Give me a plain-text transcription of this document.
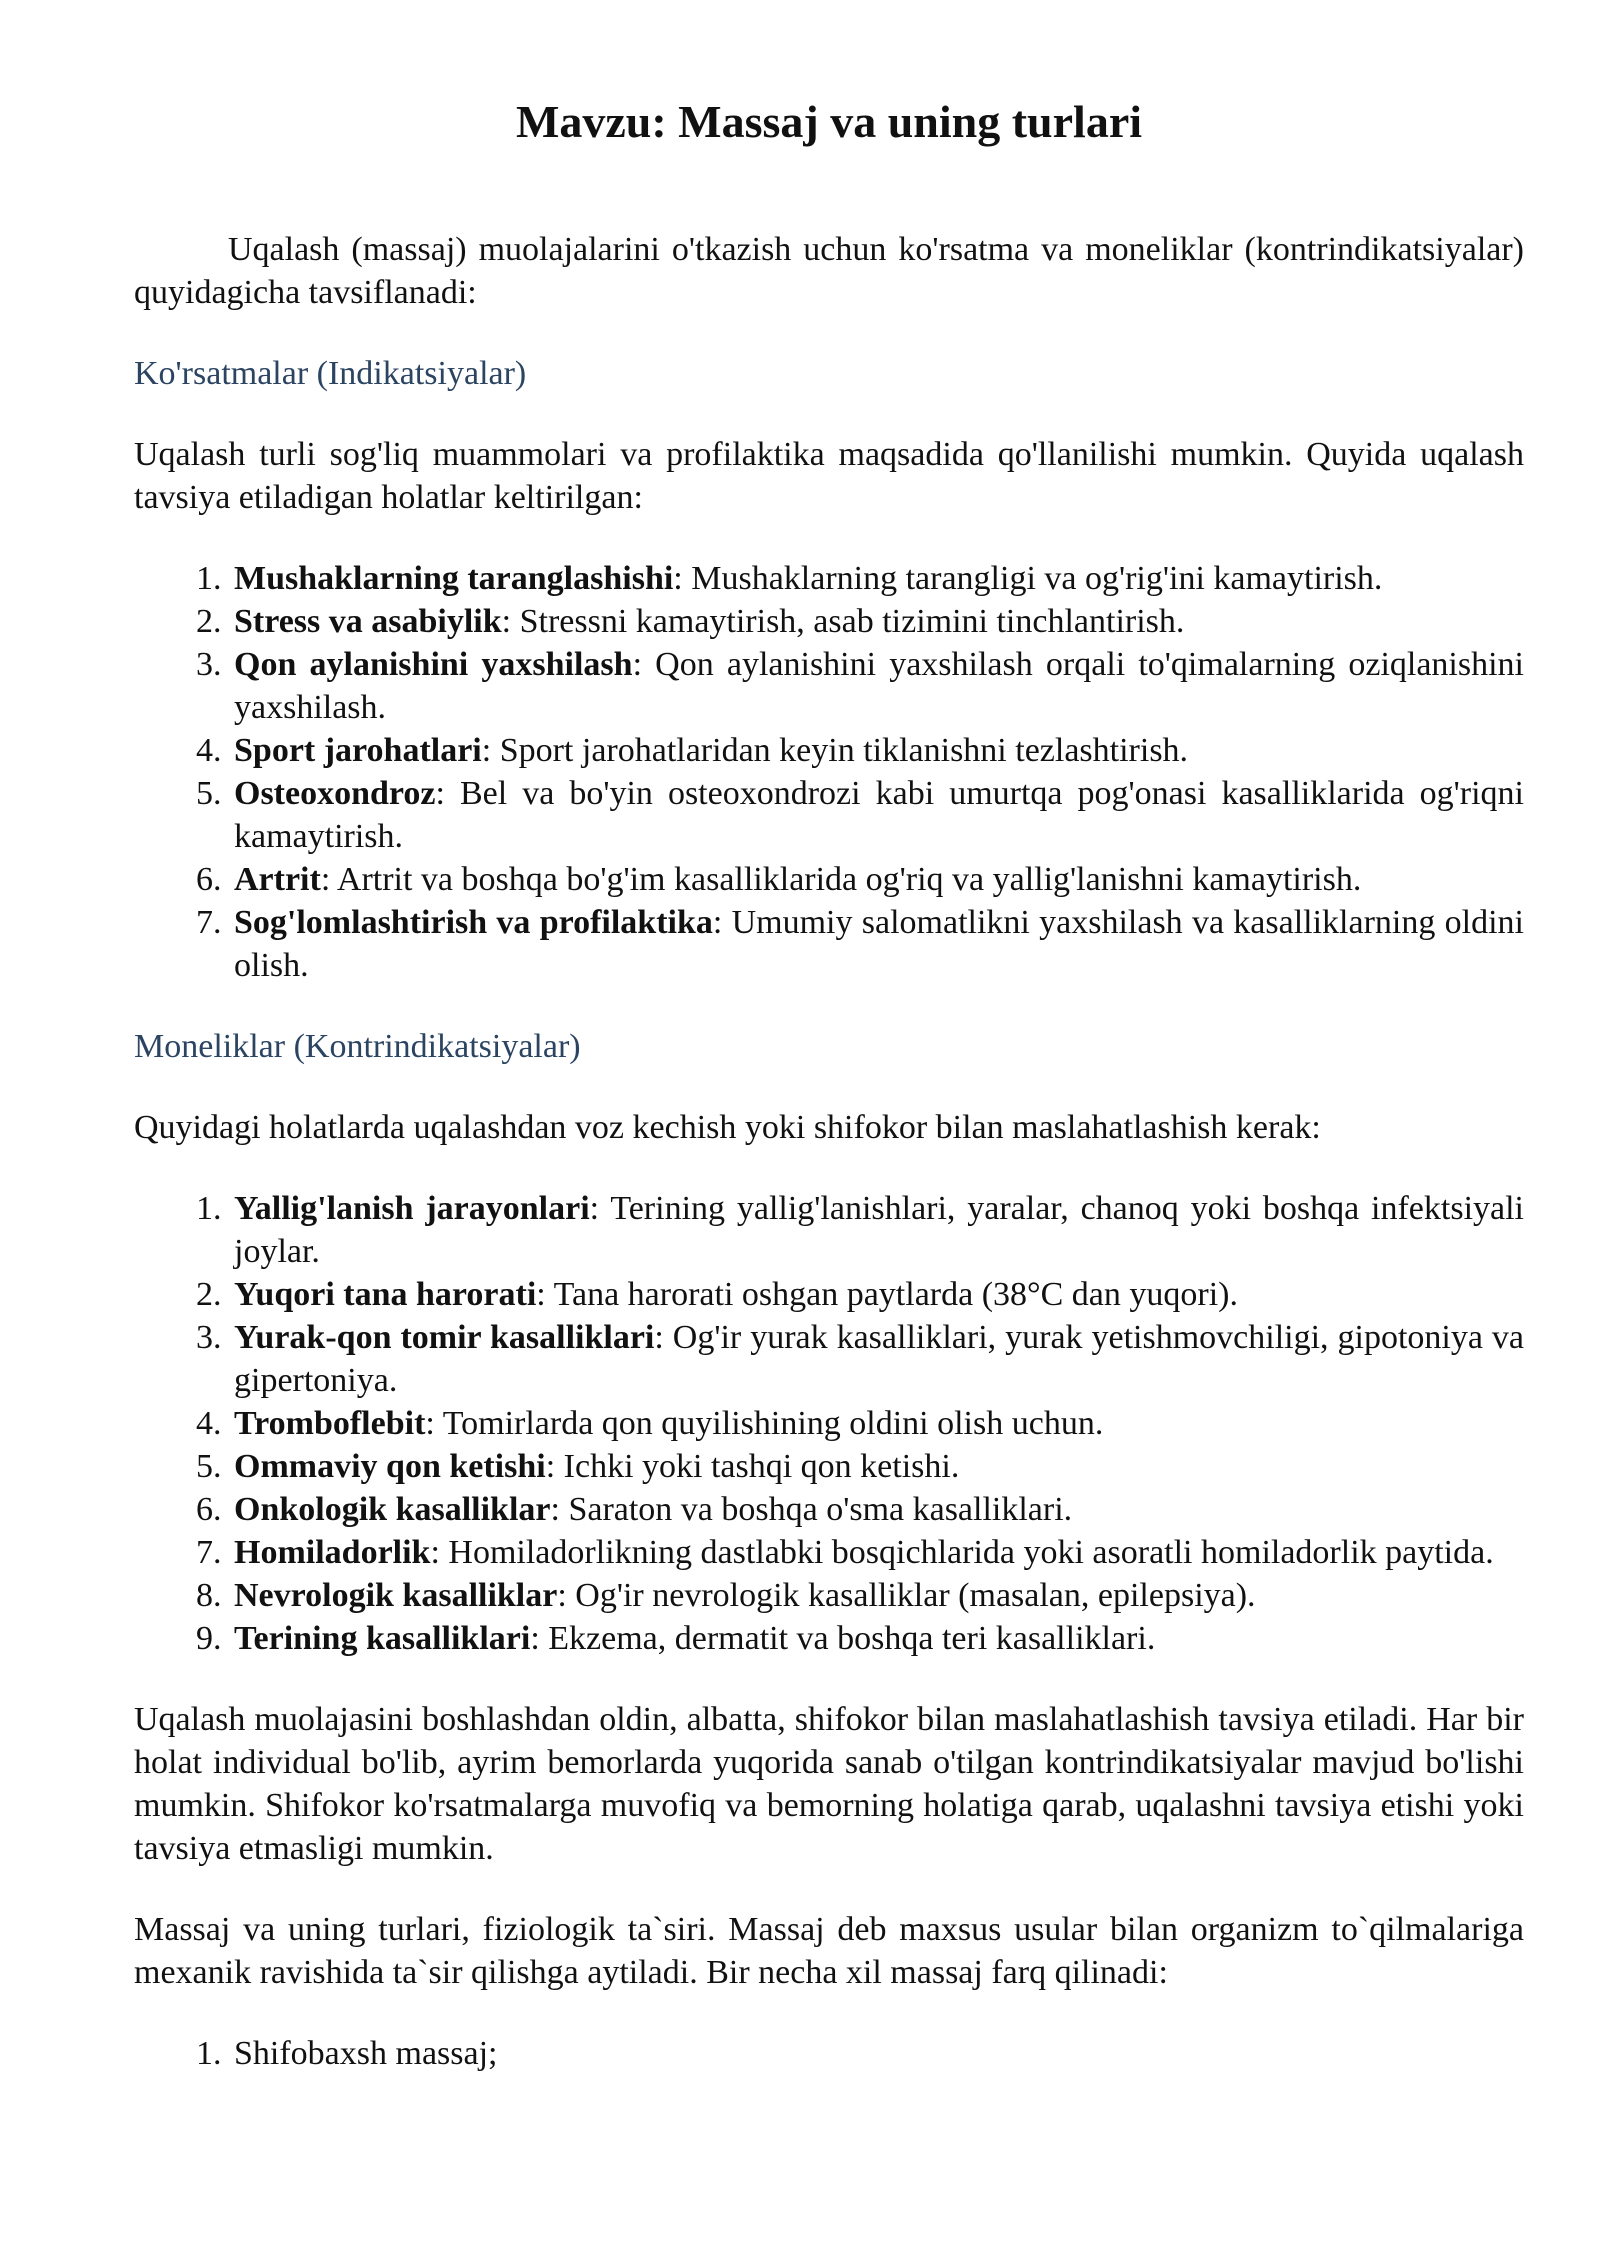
Mavzu: Massaj va uning turlari

Uqalash (massaj) muolajalarini o'tkazish uchun ko'rsatma va moneliklar (kontrindikatsiyalar) quyidagicha tavsiflanadi:

Ko'rsatmalar (Indikatsiyalar)

Uqalash turli sog'liq muammolari va profilaktika maqsadida qo'llanilishi mumkin. Quyida uqalash tavsiya etiladigan holatlar keltirilgan:

1. Mushaklarning taranglashishi: Mushaklarning tarangligi va og'rig'ini kamaytirish.
2. Stress va asabiylik: Stressni kamaytirish, asab tizimini tinchlantirish.
3. Qon aylanishini yaxshilash: Qon aylanishini yaxshilash orqali to'qimalarning oziqlanishini yaxshilash.
4. Sport jarohatlari: Sport jarohatlaridan keyin tiklanishni tezlashtirish.
5. Osteoxondroz: Bel va bo'yin osteoxondrozi kabi umurtqa pog'onasi kasalliklarida og'riqni kamaytirish.
6. Artrit: Artrit va boshqa bo'g'im kasalliklarida og'riq va yallig'lanishni kamaytirish.
7. Sog'lomlashtirish va profilaktika: Umumiy salomatlikni yaxshilash va kasalliklarning oldini olish.
Moneliklar (Kontrindikatsiyalar)

Quyidagi holatlarda uqalashdan voz kechish yoki shifokor bilan maslahatlashish kerak:

1. Yallig'lanish jarayonlari: Terining yallig'lanishlari, yaralar, chanoq yoki boshqa infektsiyali joylar.
2. Yuqori tana harorati: Tana harorati oshgan paytlarda (38°C dan yuqori).
3. Yurak-qon tomir kasalliklari: Og'ir yurak kasalliklari, yurak yetishmovchiligi, gipotoniya va gipertoniya.
4. Tromboflebit: Tomirlarda qon quyilishining oldini olish uchun.
5. Ommaviy qon ketishi: Ichki yoki tashqi qon ketishi.
6. Onkologik kasalliklar: Saraton va boshqa o'sma kasalliklari.
7. Homiladorlik: Homiladorlikning dastlabki bosqichlarida yoki asoratli homiladorlik paytida.
8. Nevrologik kasalliklar: Og'ir nevrologik kasalliklar (masalan, epilepsiya).
9. Terining kasalliklari: Ekzema, dermatit va boshqa teri kasalliklari.

Uqalash muolajasini boshlashdan oldin, albatta, shifokor bilan maslahatlashish tavsiya etiladi. Har bir holat individual bo'lib, ayrim bemorlarda yuqorida sanab o'tilgan kontrindikatsiyalar mavjud bo'lishi mumkin. Shifokor ko'rsatmalarga muvofiq va bemorning holatiga qarab, uqalashni tavsiya etishi yoki tavsiya etmasligi mumkin.

Massaj va uning turlari, fiziologik ta`siri. Massaj deb maxsus usular bilan organizm to`qilmalariga mexanik ravishida ta`sir qilishga aytiladi. Bir necha xil massaj farq qilinadi:

1. Shifobaxsh massaj;
